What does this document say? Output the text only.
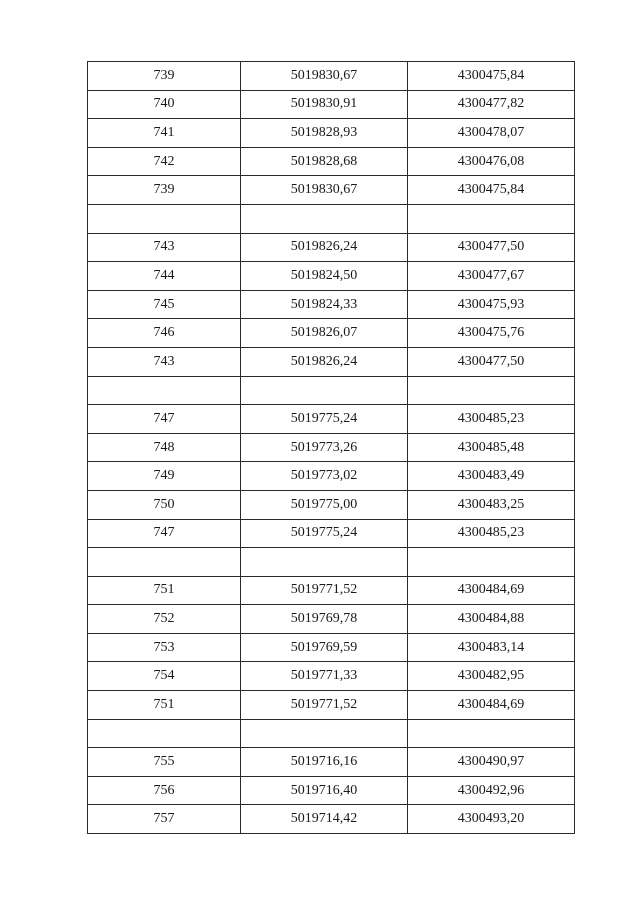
739	5019830,67	4300475,84
740	5019830,91	4300477,82
741	5019828,93	4300478,07
742	5019828,68	4300476,08
739	5019830,67	4300475,84

743	5019826,24	4300477,50
744	5019824,50	4300477,67
745	5019824,33	4300475,93
746	5019826,07	4300475,76
743	5019826,24	4300477,50

747	5019775,24	4300485,23
748	5019773,26	4300485,48
749	5019773,02	4300483,49
750	5019775,00	4300483,25
747	5019775,24	4300485,23

751	5019771,52	4300484,69
752	5019769,78	4300484,88
753	5019769,59	4300483,14
754	5019771,33	4300482,95
751	5019771,52	4300484,69

755	5019716,16	4300490,97
756	5019716,40	4300492,96
757	5019714,42	4300493,20
